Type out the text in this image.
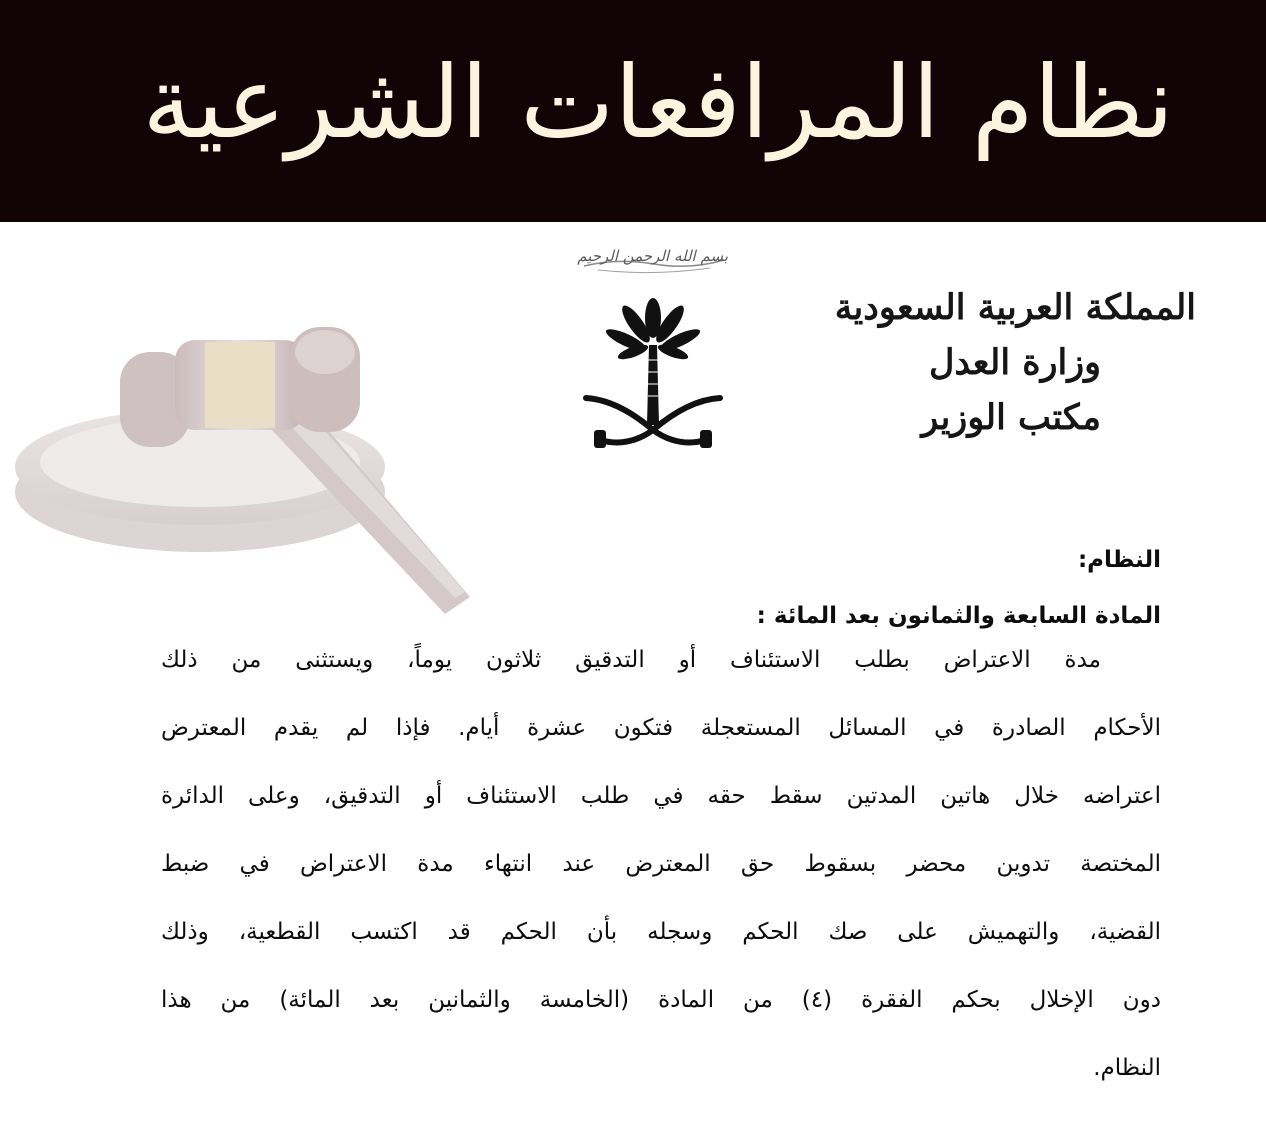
نظام المرافعات الشرعية
بسم الله الرحمن الرحيم
المملكة العربية السعودية
وزارة العدل
مكتب الوزير
النظام:
المادة السابعة والثمانون بعد المائة :
مدة الاعتراض بطلب الاستئناف أو التدقيق ثلاثون يوماً، ويستثنى من ذلك
الأحكام الصادرة في المسائل المستعجلة فتكون عشرة أيام. فإذا لم يقدم المعترض
اعتراضه خلال هاتين المدتين سقط حقه في طلب الاستئناف أو التدقيق، وعلى الدائرة
المختصة تدوين محضر بسقوط حق المعترض عند انتهاء مدة الاعتراض في ضبط
القضية، والتهميش على صك الحكم وسجله بأن الحكم قد اكتسب القطعية، وذلك
دون الإخلال بحكم الفقرة (٤) من المادة (الخامسة والثمانين بعد المائة) من هذا
النظام.
